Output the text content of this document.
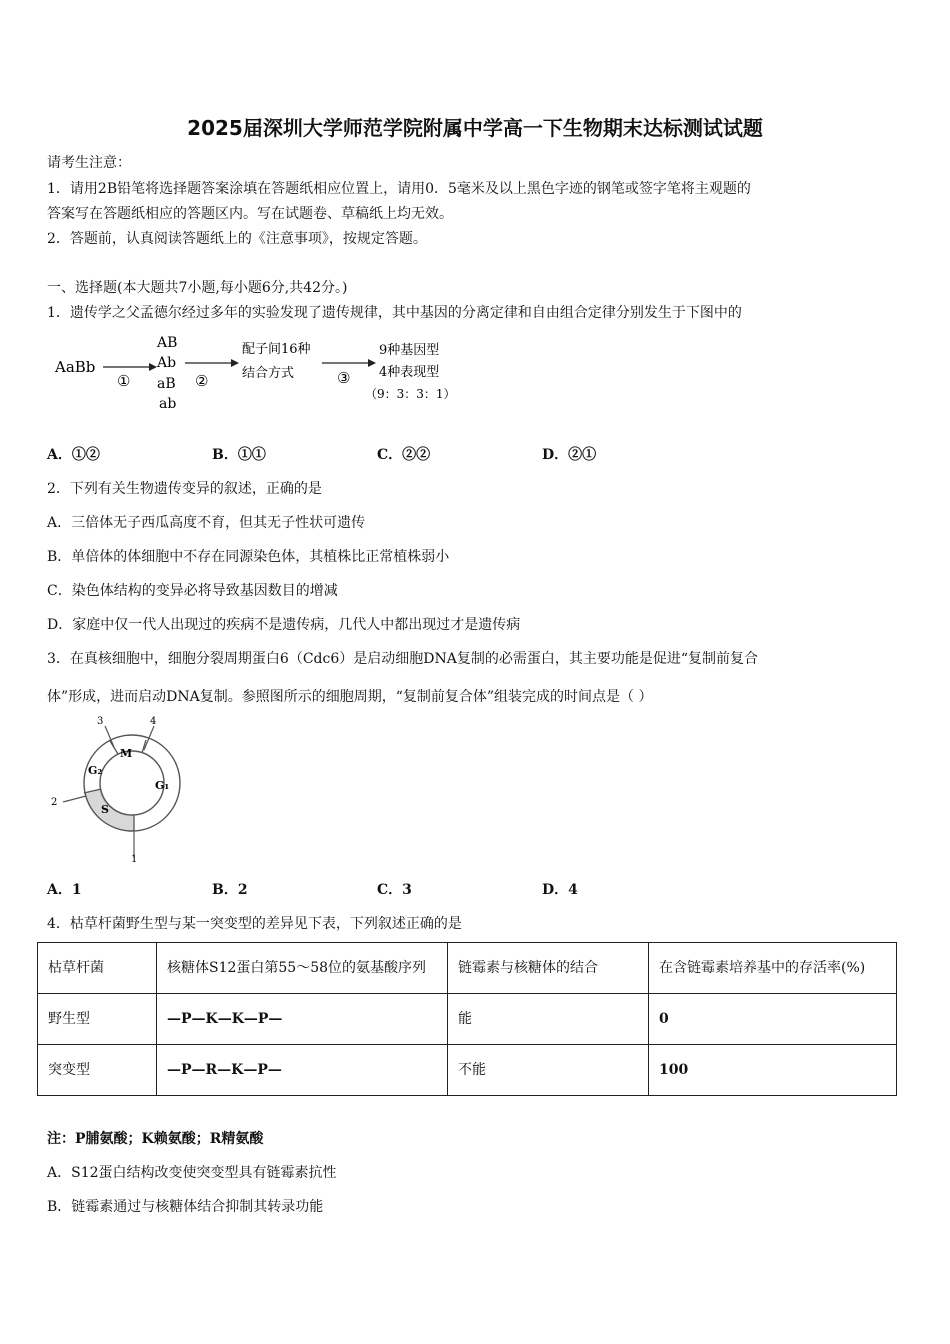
2025届深圳大学师范学院附属中学高一下生物期末达标测试试题
请考生注意：
1．请用2B铅笔将选择题答案涂填在答题纸相应位置上，请用0．5毫米及以上黑色字迹的钢笔或签字笔将主观题的
答案写在答题纸相应的答题区内。写在试题卷、草稿纸上均无效。
2．答题前，认真阅读答题纸上的《注意事项》，按规定答题。
一、选择题(本大题共7小题,每小题6分,共42分。)
1．遗传学之父孟德尔经过多年的实验发现了遗传规律，其中基因的分离定律和自由组合定律分别发生于下图中的
AaBb
①
AB
Ab
aB
ab
②
配子间16种
结合方式	③
9种基因型
4种表现型
（9：3：3：1）
A．①②	B．①①	C．②②	D．②①
2．下列有关生物遗传变异的叙述，正确的是
A．三倍体无子西瓜高度不育，但其无子性状可遗传
B．单倍体的体细胞中不存在同源染色体，其植株比正常植株弱小
C．染色体结构的变异必将导致基因数目的增减
D．家庭中仅一代人出现过的疾病不是遗传病，几代人中都出现过才是遗传病
3．在真核细胞中，细胞分裂周期蛋白6（Cdc6）是启动细胞DNA复制的必需蛋白，其主要功能是促进“复制前复合
体”形成，进而启动DNA复制。参照图所示的细胞周期，“复制前复合体”组装完成的时间点是（ ）
M
G₂
S
G₁
1
2
3	4
A．1	B．2	C．3	D．4
4．枯草杆菌野生型与某一突变型的差异见下表，下列叙述正确的是
枯草杆菌	核糖体S12蛋白第55～58位的氨基酸序列	链霉素与核糖体的结合	在含链霉素培养基中的存活率(%)
野生型	—P—K—K—P—	能	0
突变型	—P—R—K—P—	不能	100
注：P脯氨酸；K赖氨酸；R精氨酸
A．S12蛋白结构改变使突变型具有链霉素抗性
B．链霉素通过与核糖体结合抑制其转录功能
